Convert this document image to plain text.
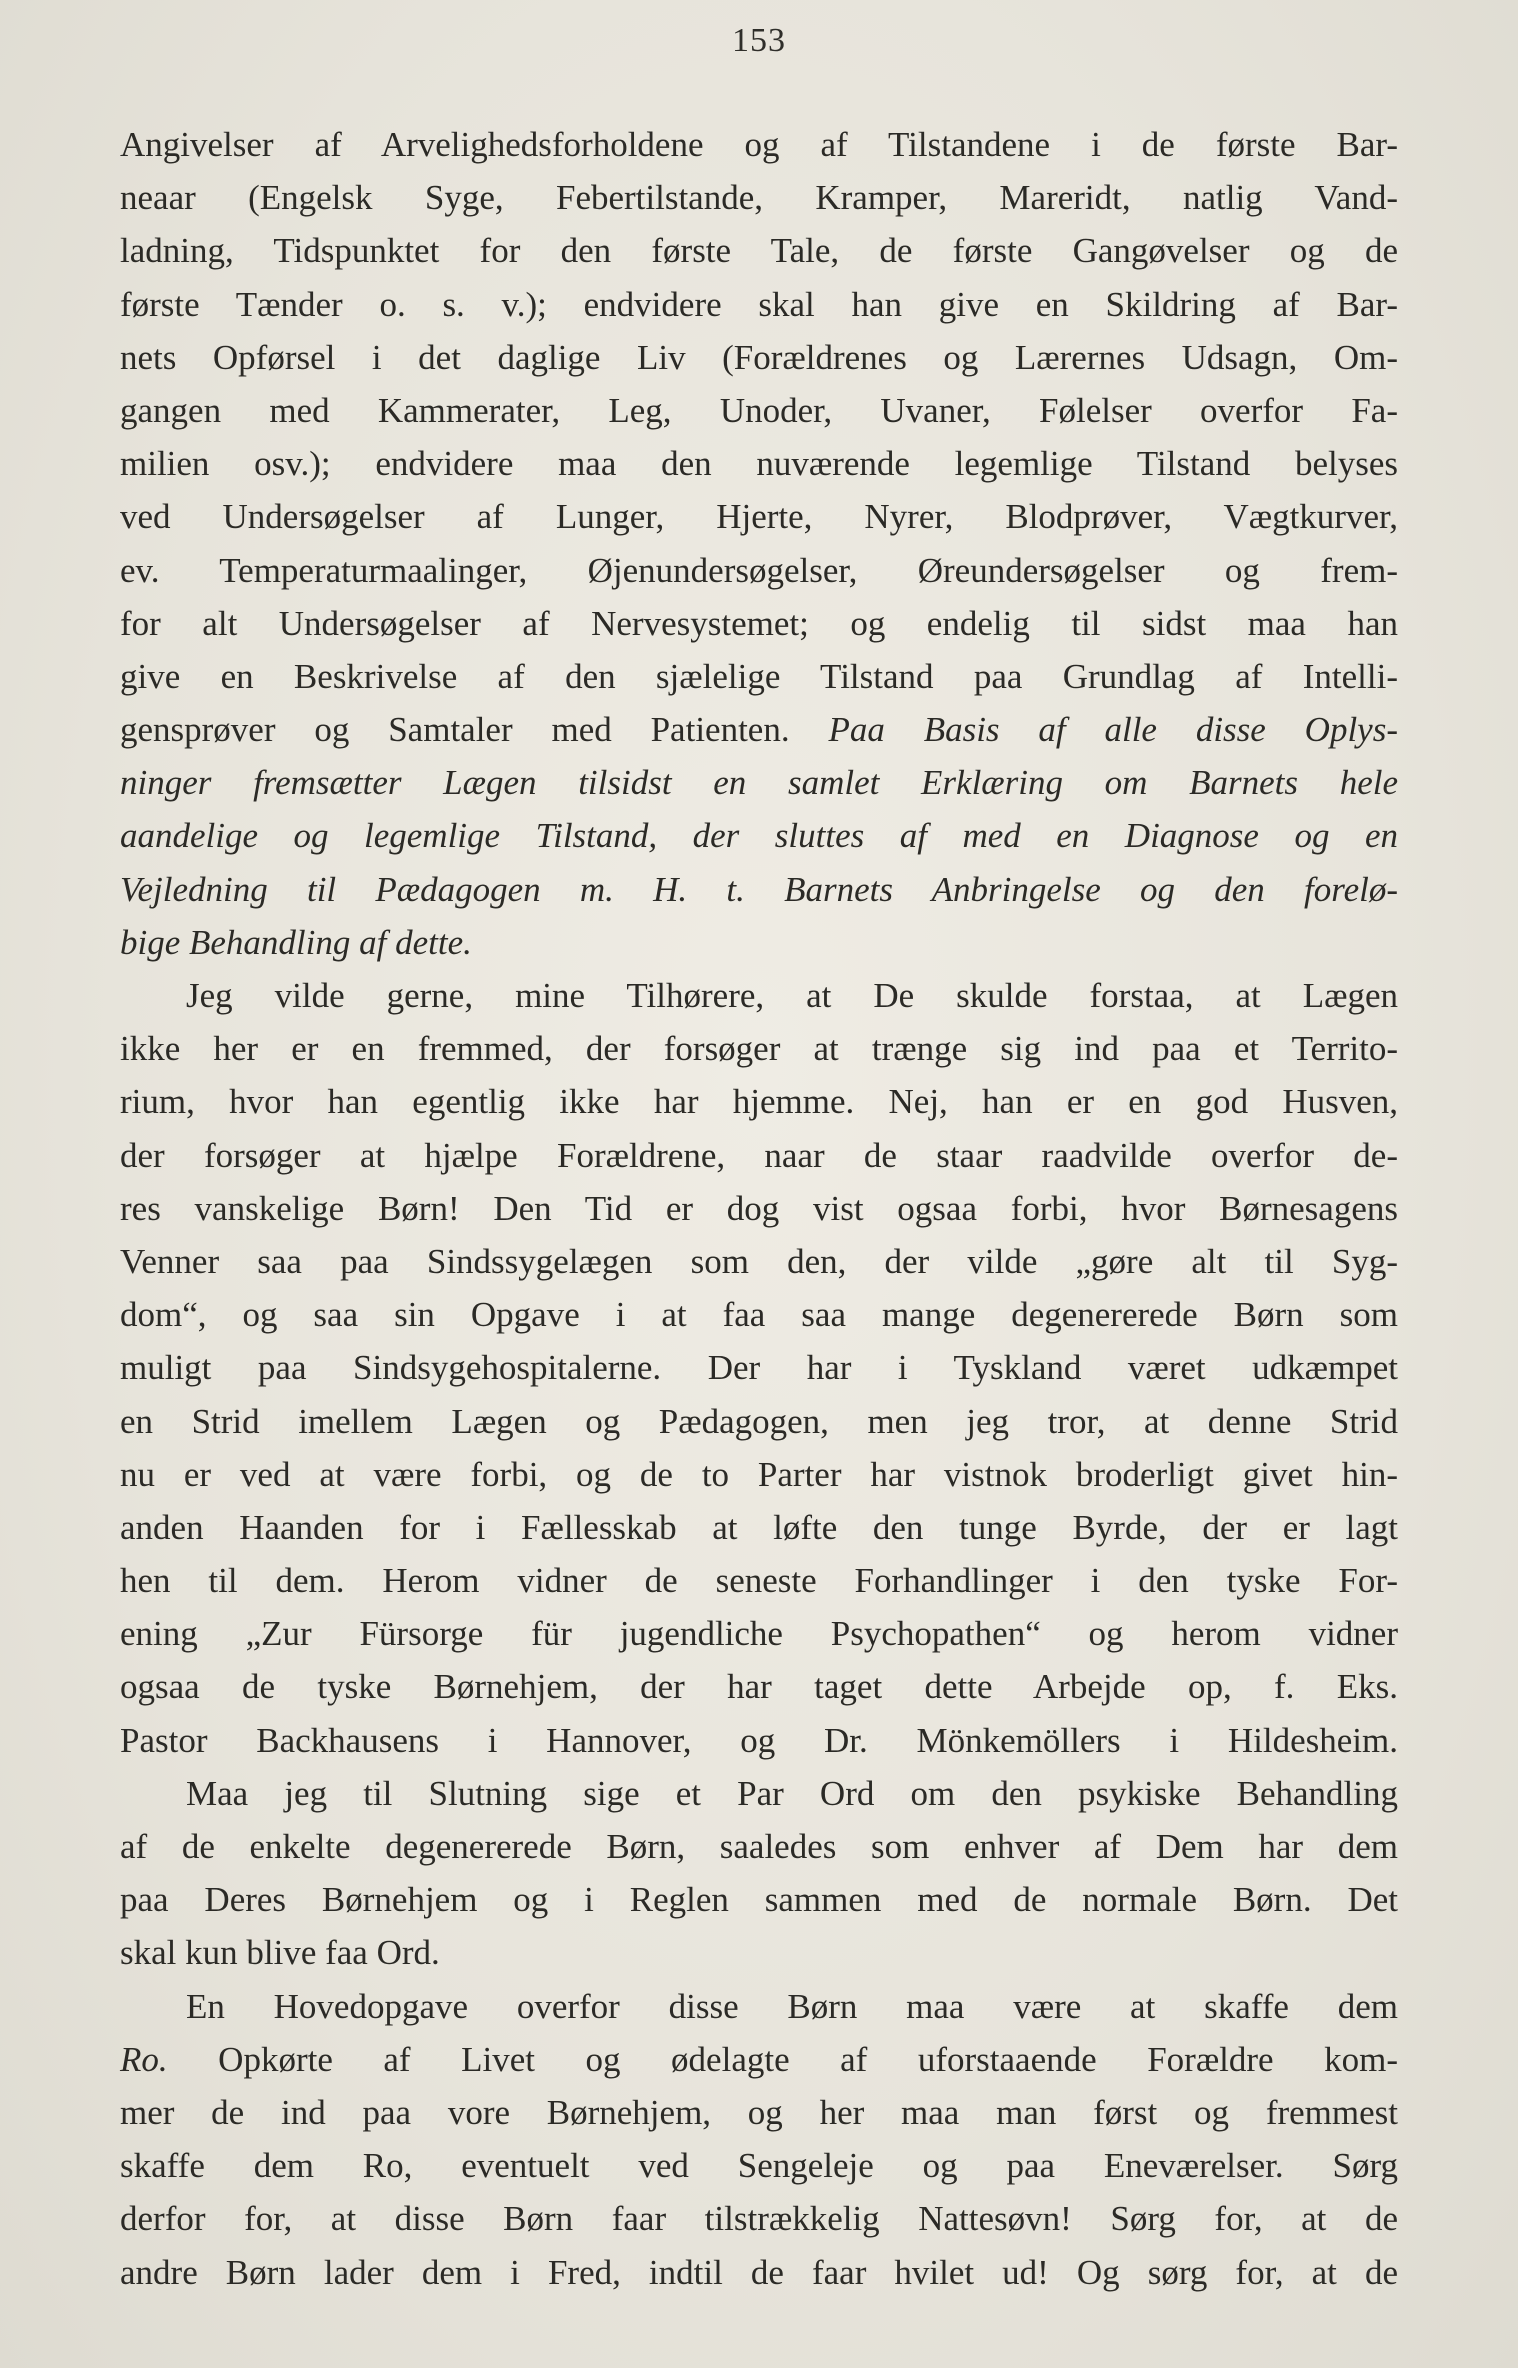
153
Angivelser af Arvelighedsforholdene og af Tilstandene i de første Bar-
neaar (Engelsk Syge, Febertilstande, Kramper, Mareridt, natlig Vand-
ladning, Tidspunktet for den første Tale, de første Gangøvelser og de
første Tænder o. s. v.); endvidere skal han give en Skildring af Bar-
nets Opførsel i det daglige Liv (Forældrenes og Lærernes Udsagn, Om-
gangen med Kammerater, Leg, Unoder, Uvaner, Følelser overfor Fa-
milien osv.); endvidere maa den nuværende legemlige Tilstand belyses
ved Undersøgelser af Lunger, Hjerte, Nyrer, Blodprøver, Vægtkurver,
ev. Temperaturmaalinger, Øjenundersøgelser, Øreundersøgelser og frem-
for alt Undersøgelser af Nervesystemet; og endelig til sidst maa han
give en Beskrivelse af den sjælelige Tilstand paa Grundlag af Intelli-
gensprøver og Samtaler med Patienten. Paa Basis af alle disse Oplys-
ninger fremsætter Lægen tilsidst en samlet Erklæring om Barnets hele
aandelige og legemlige Tilstand, der sluttes af med en Diagnose og en
Vejledning til Pædagogen m. H. t. Barnets Anbringelse og den forelø-
bige Behandling af dette.
Jeg vilde gerne, mine Tilhørere, at De skulde forstaa, at Lægen
ikke her er en fremmed, der forsøger at trænge sig ind paa et Territo-
rium, hvor han egentlig ikke har hjemme. Nej, han er en god Husven,
der forsøger at hjælpe Forældrene, naar de staar raadvilde overfor de-
res vanskelige Børn! Den Tid er dog vist ogsaa forbi, hvor Børnesagens
Venner saa paa Sindssygelægen som den, der vilde „gøre alt til Syg-
dom“, og saa sin Opgave i at faa saa mange degenererede Børn som
muligt paa Sindsygehospitalerne. Der har i Tyskland været udkæmpet
en Strid imellem Lægen og Pædagogen, men jeg tror, at denne Strid
nu er ved at være forbi, og de to Parter har vistnok broderligt givet hin-
anden Haanden for i Fællesskab at løfte den tunge Byrde, der er lagt
hen til dem. Herom vidner de seneste Forhandlinger i den tyske For-
ening „Zur Fürsorge für jugendliche Psychopathen“ og herom vidner
ogsaa de tyske Børnehjem, der har taget dette Arbejde op, f. Eks.
Pastor Backhausens i Hannover, og Dr. Mönkemöllers i Hildesheim.
Maa jeg til Slutning sige et Par Ord om den psykiske Behandling
af de enkelte degenererede Børn, saaledes som enhver af Dem har dem
paa Deres Børnehjem og i Reglen sammen med de normale Børn. Det
skal kun blive faa Ord.
En Hovedopgave overfor disse Børn maa være at skaffe dem
Ro. Opkørte af Livet og ødelagte af uforstaaende Forældre kom-
mer de ind paa vore Børnehjem, og her maa man først og fremmest
skaffe dem Ro, eventuelt ved Sengeleje og paa Eneværelser. Sørg
derfor for, at disse Børn faar tilstrækkelig Nattesøvn! Sørg for, at de
andre Børn lader dem i Fred, indtil de faar hvilet ud! Og sørg for, at de
